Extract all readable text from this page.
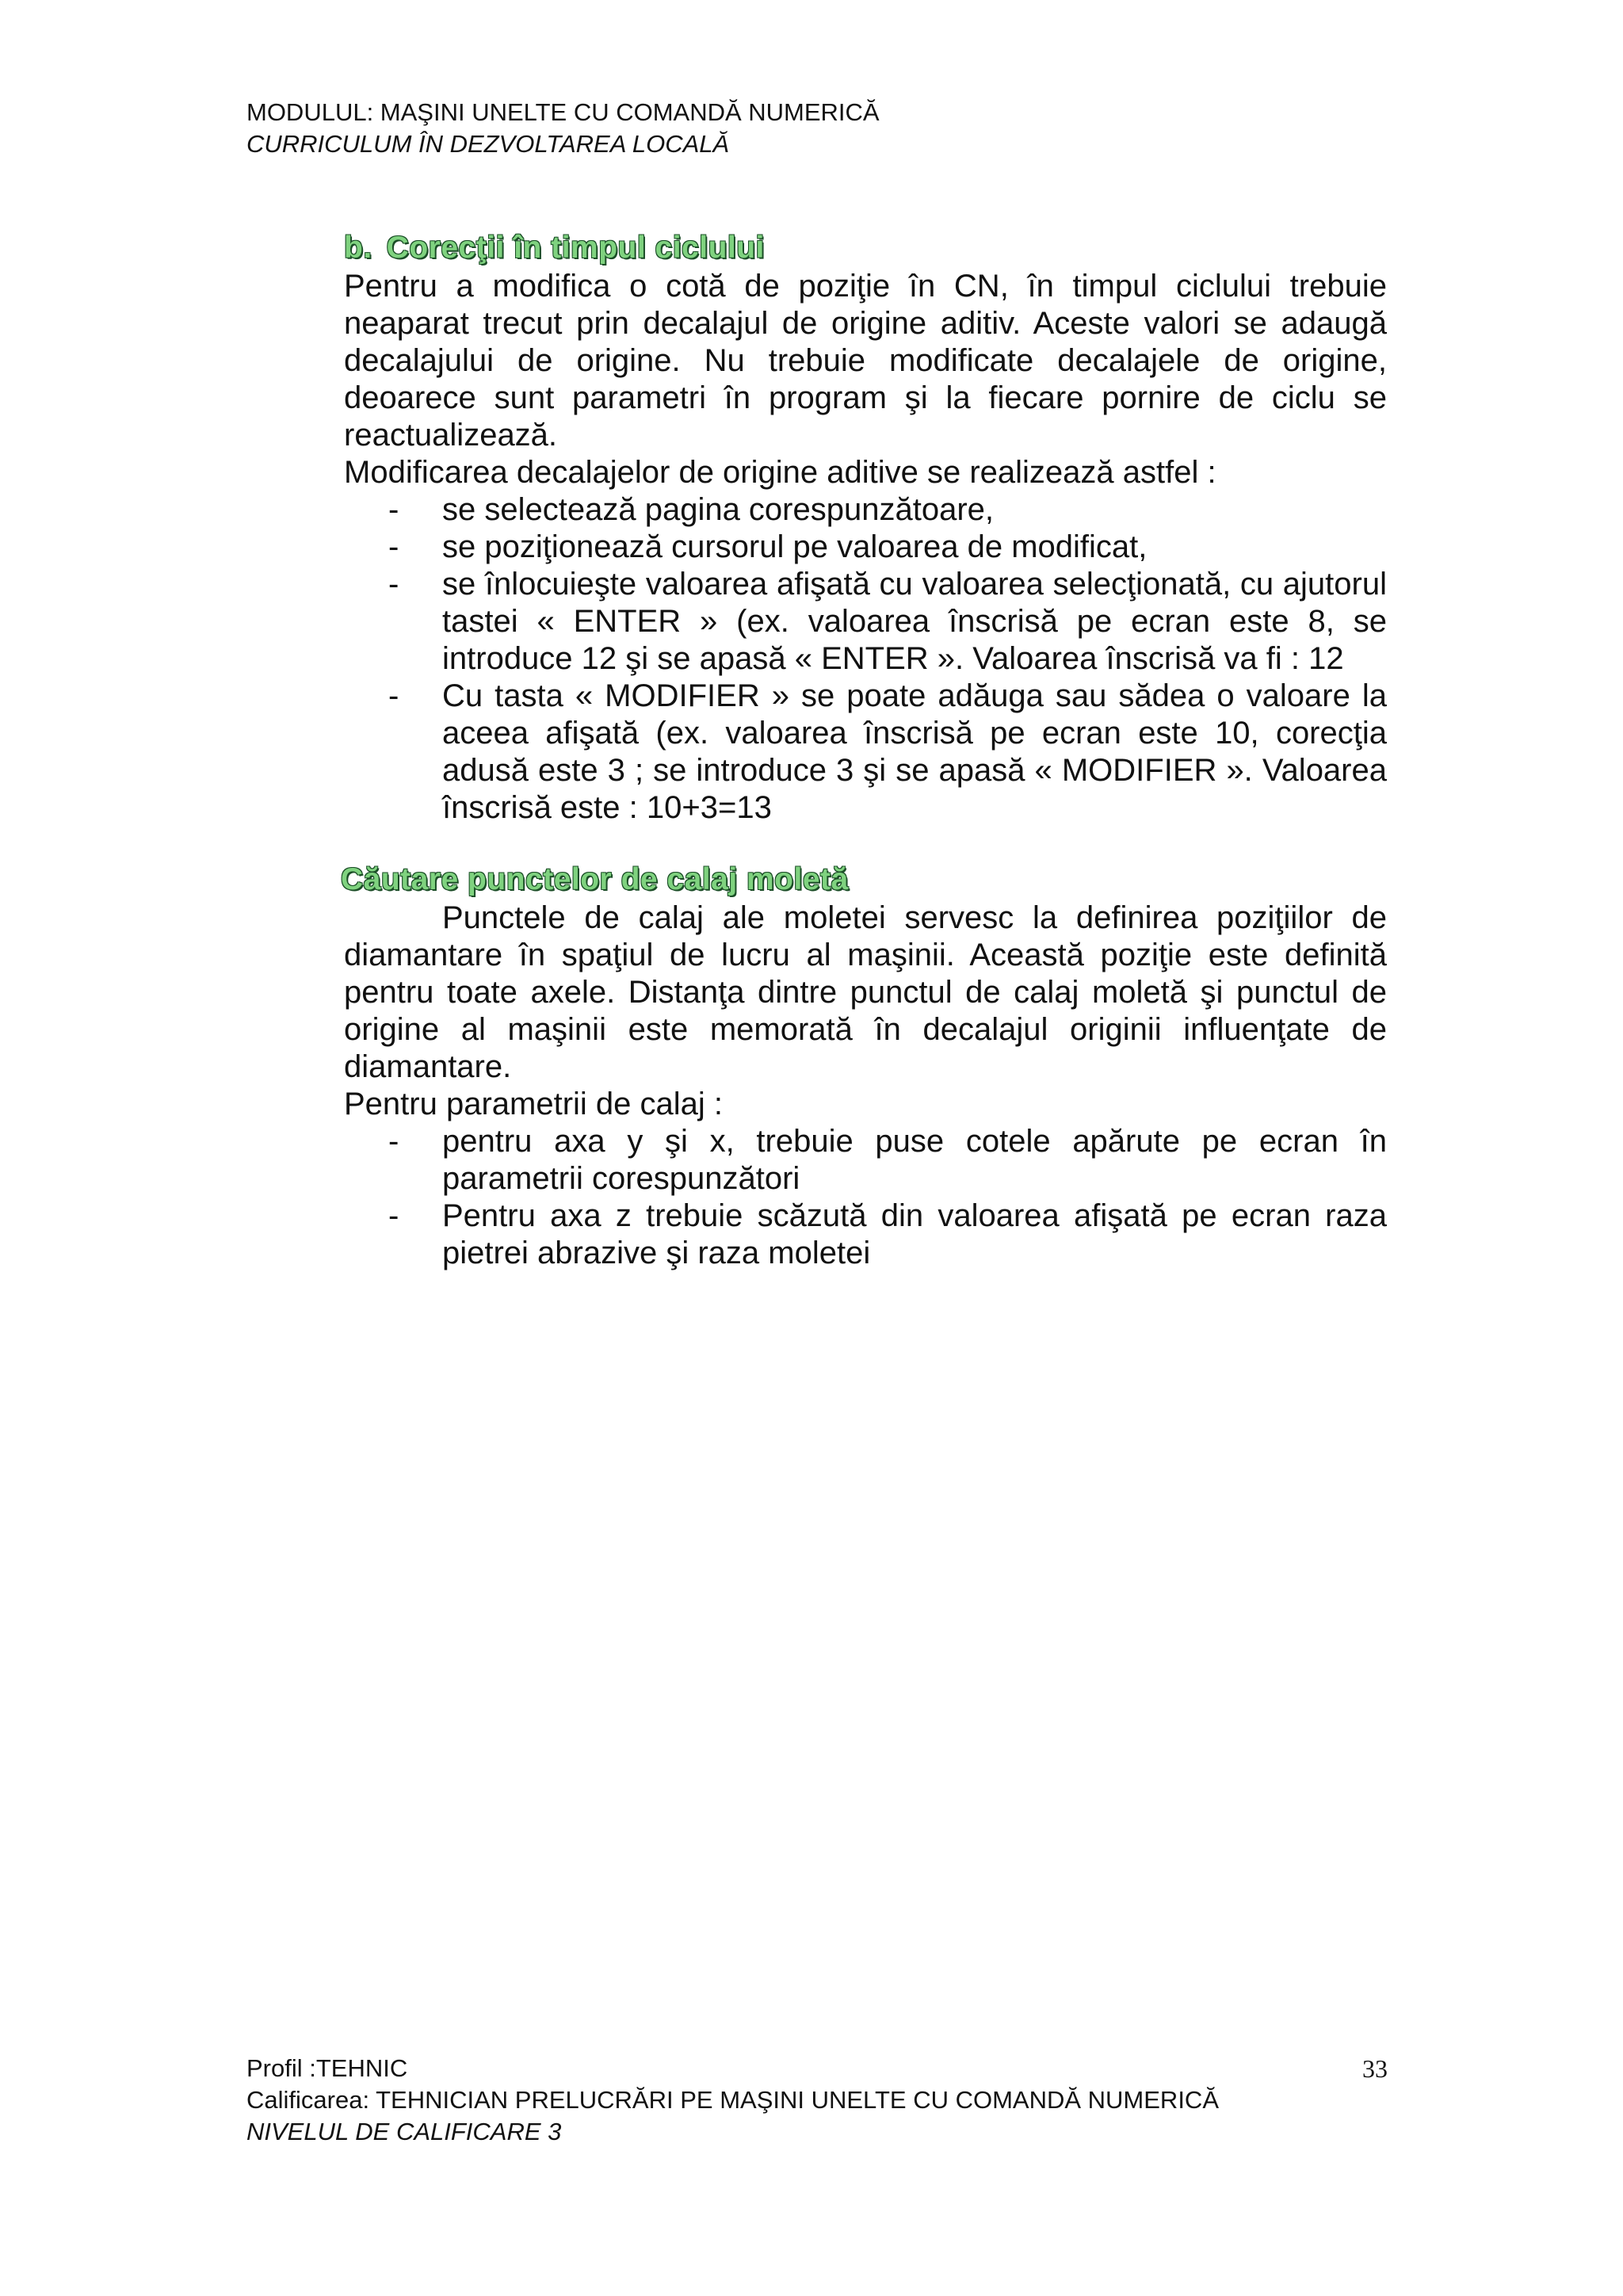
MODULUL: MAŞINI UNELTE CU COMANDĂ NUMERICĂ
CURRICULUM ÎN DEZVOLTAREA LOCALĂ
b. Corecţii în timpul ciclului

Pentru a modifica o cotă de poziţie în CN, în timpul ciclului trebuie neaparat trecut prin decalajul de origine aditiv. Aceste valori se adaugă decalajului de origine. Nu trebuie modificate decalajele de origine, deoarece sunt parametri în program şi la fiecare pornire de ciclu se reactualizează.

Modificarea decalajelor de origine aditive se realizează astfel :

- se selectează pagina corespunzătoare,
- se poziţionează cursorul pe valoarea de modificat,
- se înlocuieşte valoarea afişată cu valoarea selecţionată, cu ajutorul tastei « ENTER » (ex. valoarea înscrisă pe ecran este 8, se introduce 12 şi se apasă « ENTER ». Valoarea înscrisă va fi : 12
- Cu tasta « MODIFIER » se poate adăuga sau sădea o valoare la aceea afişată (ex. valoarea înscrisă pe ecran este 10, corecţia adusă este 3 ; se introduce 3 şi se apasă « MODIFIER ». Valoarea înscrisă este : 10+3=13
Căutare punctelor de calaj moletă

Punctele de calaj ale moletei servesc la definirea poziţiilor de diamantare în spaţiul de lucru al maşinii. Această poziţie este definită pentru toate axele. Distanţa dintre punctul de calaj moletă şi punctul de origine al maşinii este memorată în decalajul originii influenţate de diamantare.

Pentru parametrii de calaj :

- pentru axa y şi x, trebuie puse cotele apărute pe ecran în parametrii corespunzători
- Pentru axa z trebuie scăzută din valoarea afişată pe ecran raza pietrei abrazive şi raza moletei
Profil :TEHNIC
Calificarea: TEHNICIAN PRELUCRĂRI PE MAŞINI UNELTE CU COMANDĂ NUMERICĂ
NIVELUL DE CALIFICARE 3
33
